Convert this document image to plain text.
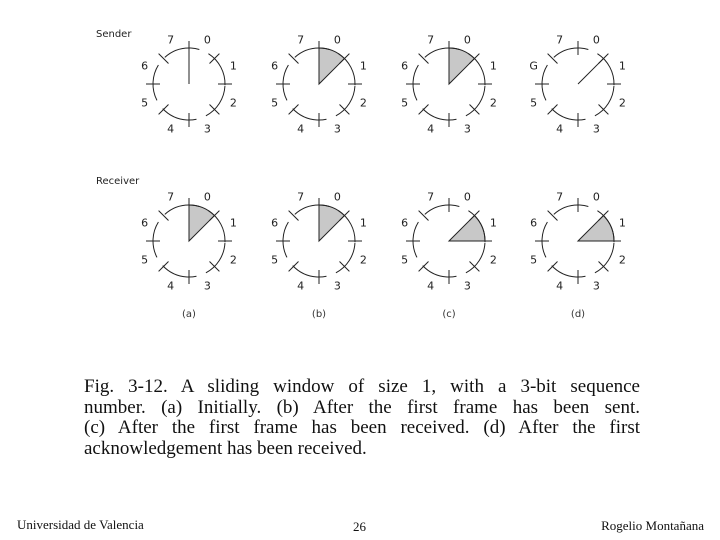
Sender
Receiver
0
1
2
3
4
5
6
7	0
1
2
3
4
5
6
7	0
1
2
3
4
5
6
7	0
1
2
3
4
5
G
7
0
1
2
3
4
5
6
7	0
1
2
3
4
5
6
7	0
1
2
3
4
5
6
7	0
1
2
3
4
5
6
7
(a)	(b)	(c)	(d)
Fig. 3-12. A sliding window of size 1, with a 3-bit sequence
number. (a) Initially. (b) After the first frame has been sent.
(c) After the first frame has been received. (d) After the first
acknowledgement has been received.
Universidad de Valencia	26	Rogelio Montañana
